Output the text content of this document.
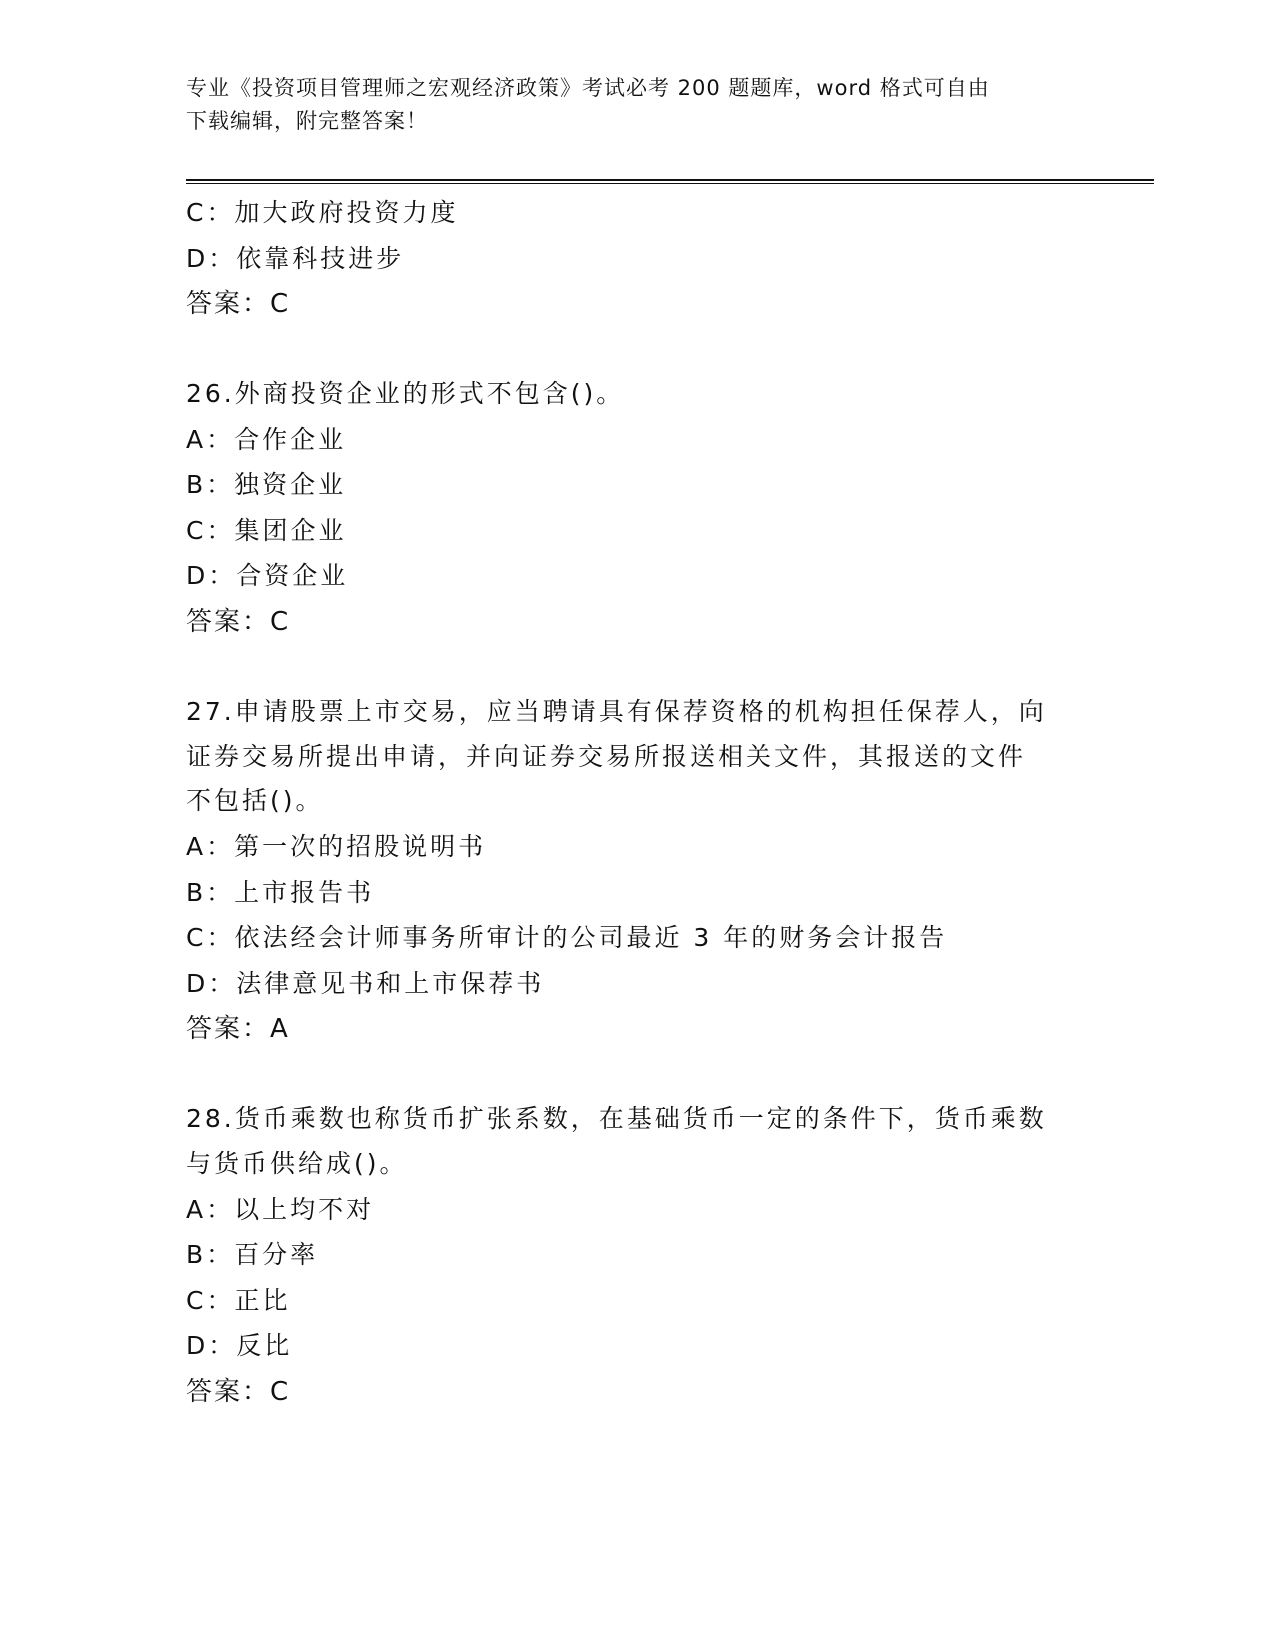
专业《投资项目管理师之宏观经济政策》考试必考 200 题题库，word 格式可自由
下载编辑，附完整答案！
C：加大政府投资力度
D：依靠科技进步
答案：C
26.外商投资企业的形式不包含()。
A：合作企业
B：独资企业
C：集团企业
D：合资企业
答案：C
27.申请股票上市交易，应当聘请具有保荐资格的机构担任保荐人，向
证券交易所提出申请，并向证券交易所报送相关文件，其报送的文件
不包括()。
A：第一次的招股说明书
B：上市报告书
C：依法经会计师事务所审计的公司最近 3 年的财务会计报告
D：法律意见书和上市保荐书
答案：A
28.货币乘数也称货币扩张系数，在基础货币一定的条件下，货币乘数
与货币供给成()。
A：以上均不对
B：百分率
C：正比
D：反比
答案：C
